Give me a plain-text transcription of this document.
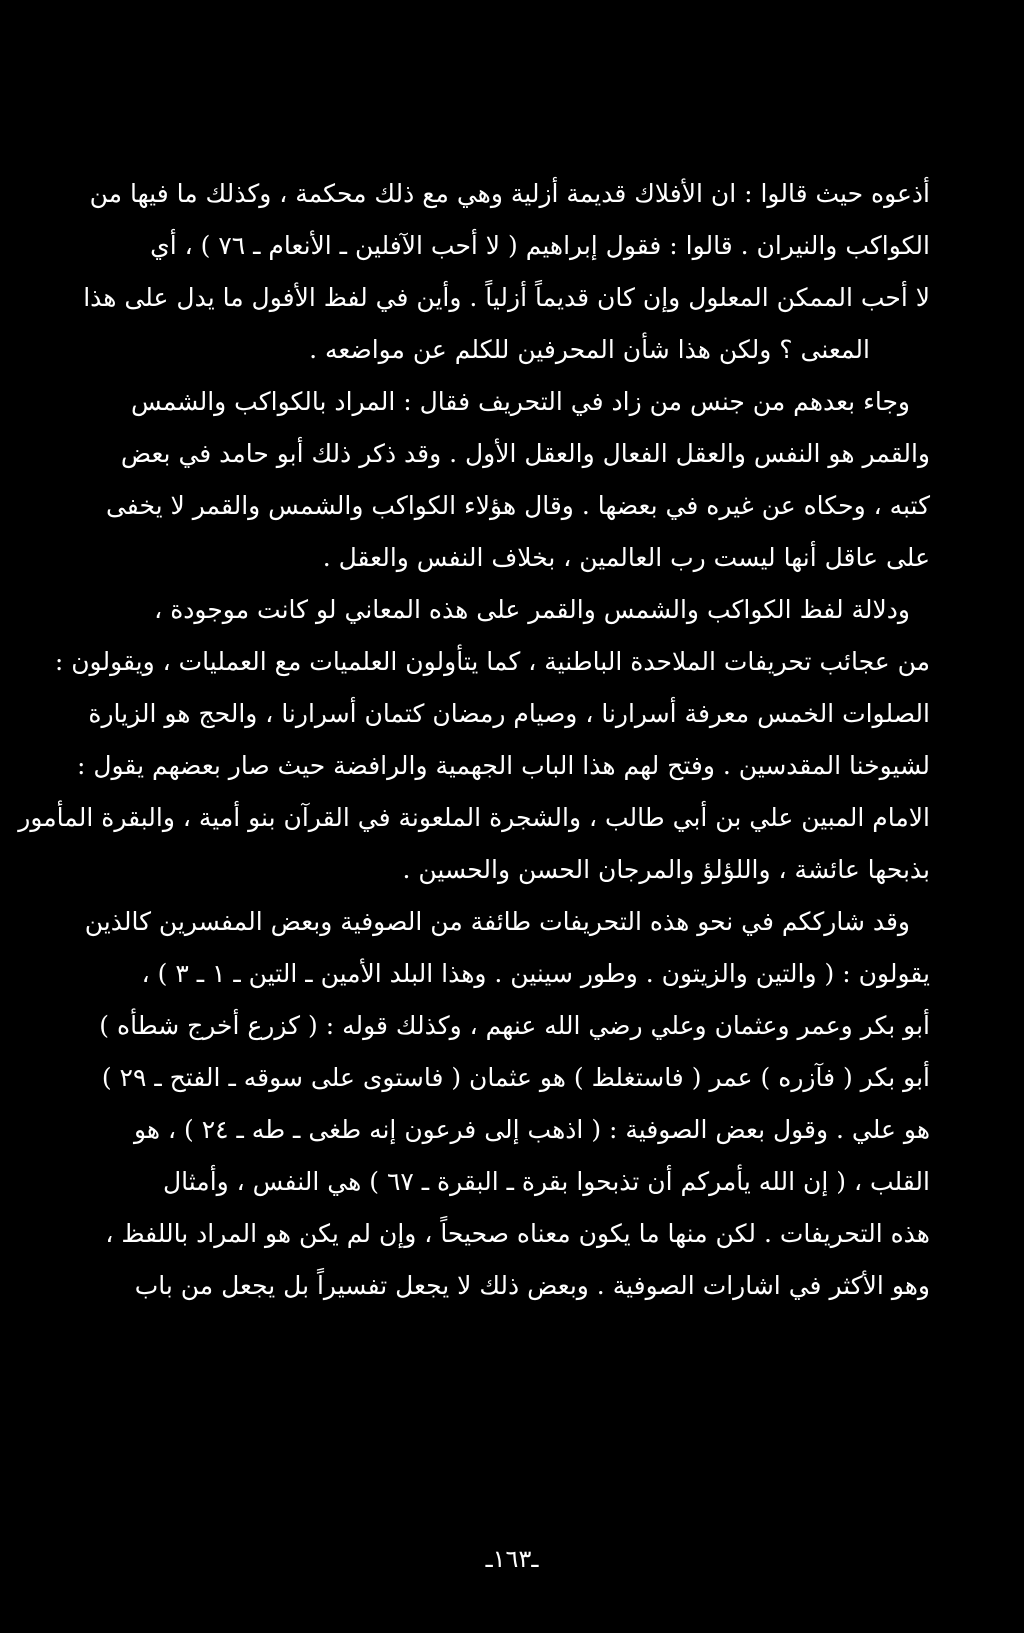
أذعوه حيث قالوا : ان الأفلاك قديمة أزلية وهي مع ذلك محكمة ، وكذلك ما فيها من
الكواكب والنيران . قالوا : فقول إبراهيم ( لا أحب الآفلين ـ الأنعام ـ ٧٦ ) ، أي
لا أحب الممكن المعلول وإن كان قديماً أزلياً . وأين في لفظ الأفول ما يدل على هذا
المعنى ؟ ولكن هذا شأن المحرفين للكلم عن مواضعه .
وجاء بعدهم من جنس من زاد في التحريف فقال : المراد بالكواكب والشمس
والقمر هو النفس والعقل الفعال والعقل الأول . وقد ذكر ذلك أبو حامد في بعض
كتبه ، وحكاه عن غيره في بعضها . وقال هؤلاء الكواكب والشمس والقمر لا يخفى
على عاقل أنها ليست رب العالمين ، بخلاف النفس والعقل .
ودلالة لفظ الكواكب والشمس والقمر على هذه المعاني لو كانت موجودة ،
من عجائب تحريفات الملاحدة الباطنية ، كما يتأولون العلميات مع العمليات ، ويقولون :
الصلوات الخمس معرفة أسرارنا ، وصيام رمضان كتمان أسرارنا ، والحج هو الزيارة
لشيوخنا المقدسين . وفتح لهم هذا الباب الجهمية والرافضة حيث صار بعضهم يقول :
الامام المبين علي بن أبي طالب ، والشجرة الملعونة في القرآن بنو أمية ، والبقرة المأمور
بذبحها عائشة ، واللؤلؤ والمرجان الحسن والحسين .
وقد شارككم في نحو هذه التحريفات طائفة من الصوفية وبعض المفسرين كالذين
يقولون : ( والتين والزيتون . وطور سينين . وهذا البلد الأمين ـ التين ـ ١ ـ ٣ ) ،
أبو بكر وعمر وعثمان وعلي رضي الله عنهم ، وكذلك قوله : ( كزرع أخرج شطأه )
أبو بكر ( فآزره ) عمر ( فاستغلظ ) هو عثمان ( فاستوى على سوقه ـ الفتح ـ ٢٩ )
هو علي . وقول بعض الصوفية : ( اذهب إلى فرعون إنه طغى ـ طه ـ ٢٤ ) ، هو
القلب ، ( إن الله يأمركم أن تذبحوا بقرة ـ البقرة ـ ٦٧ ) هي النفس ، وأمثال
هذه التحريفات . لكن منها ما يكون معناه صحيحاً ، وإن لم يكن هو المراد باللفظ ،
وهو الأكثر في اشارات الصوفية . وبعض ذلك لا يجعل تفسيراً بل يجعل من باب
ـ١٦٣ـ
